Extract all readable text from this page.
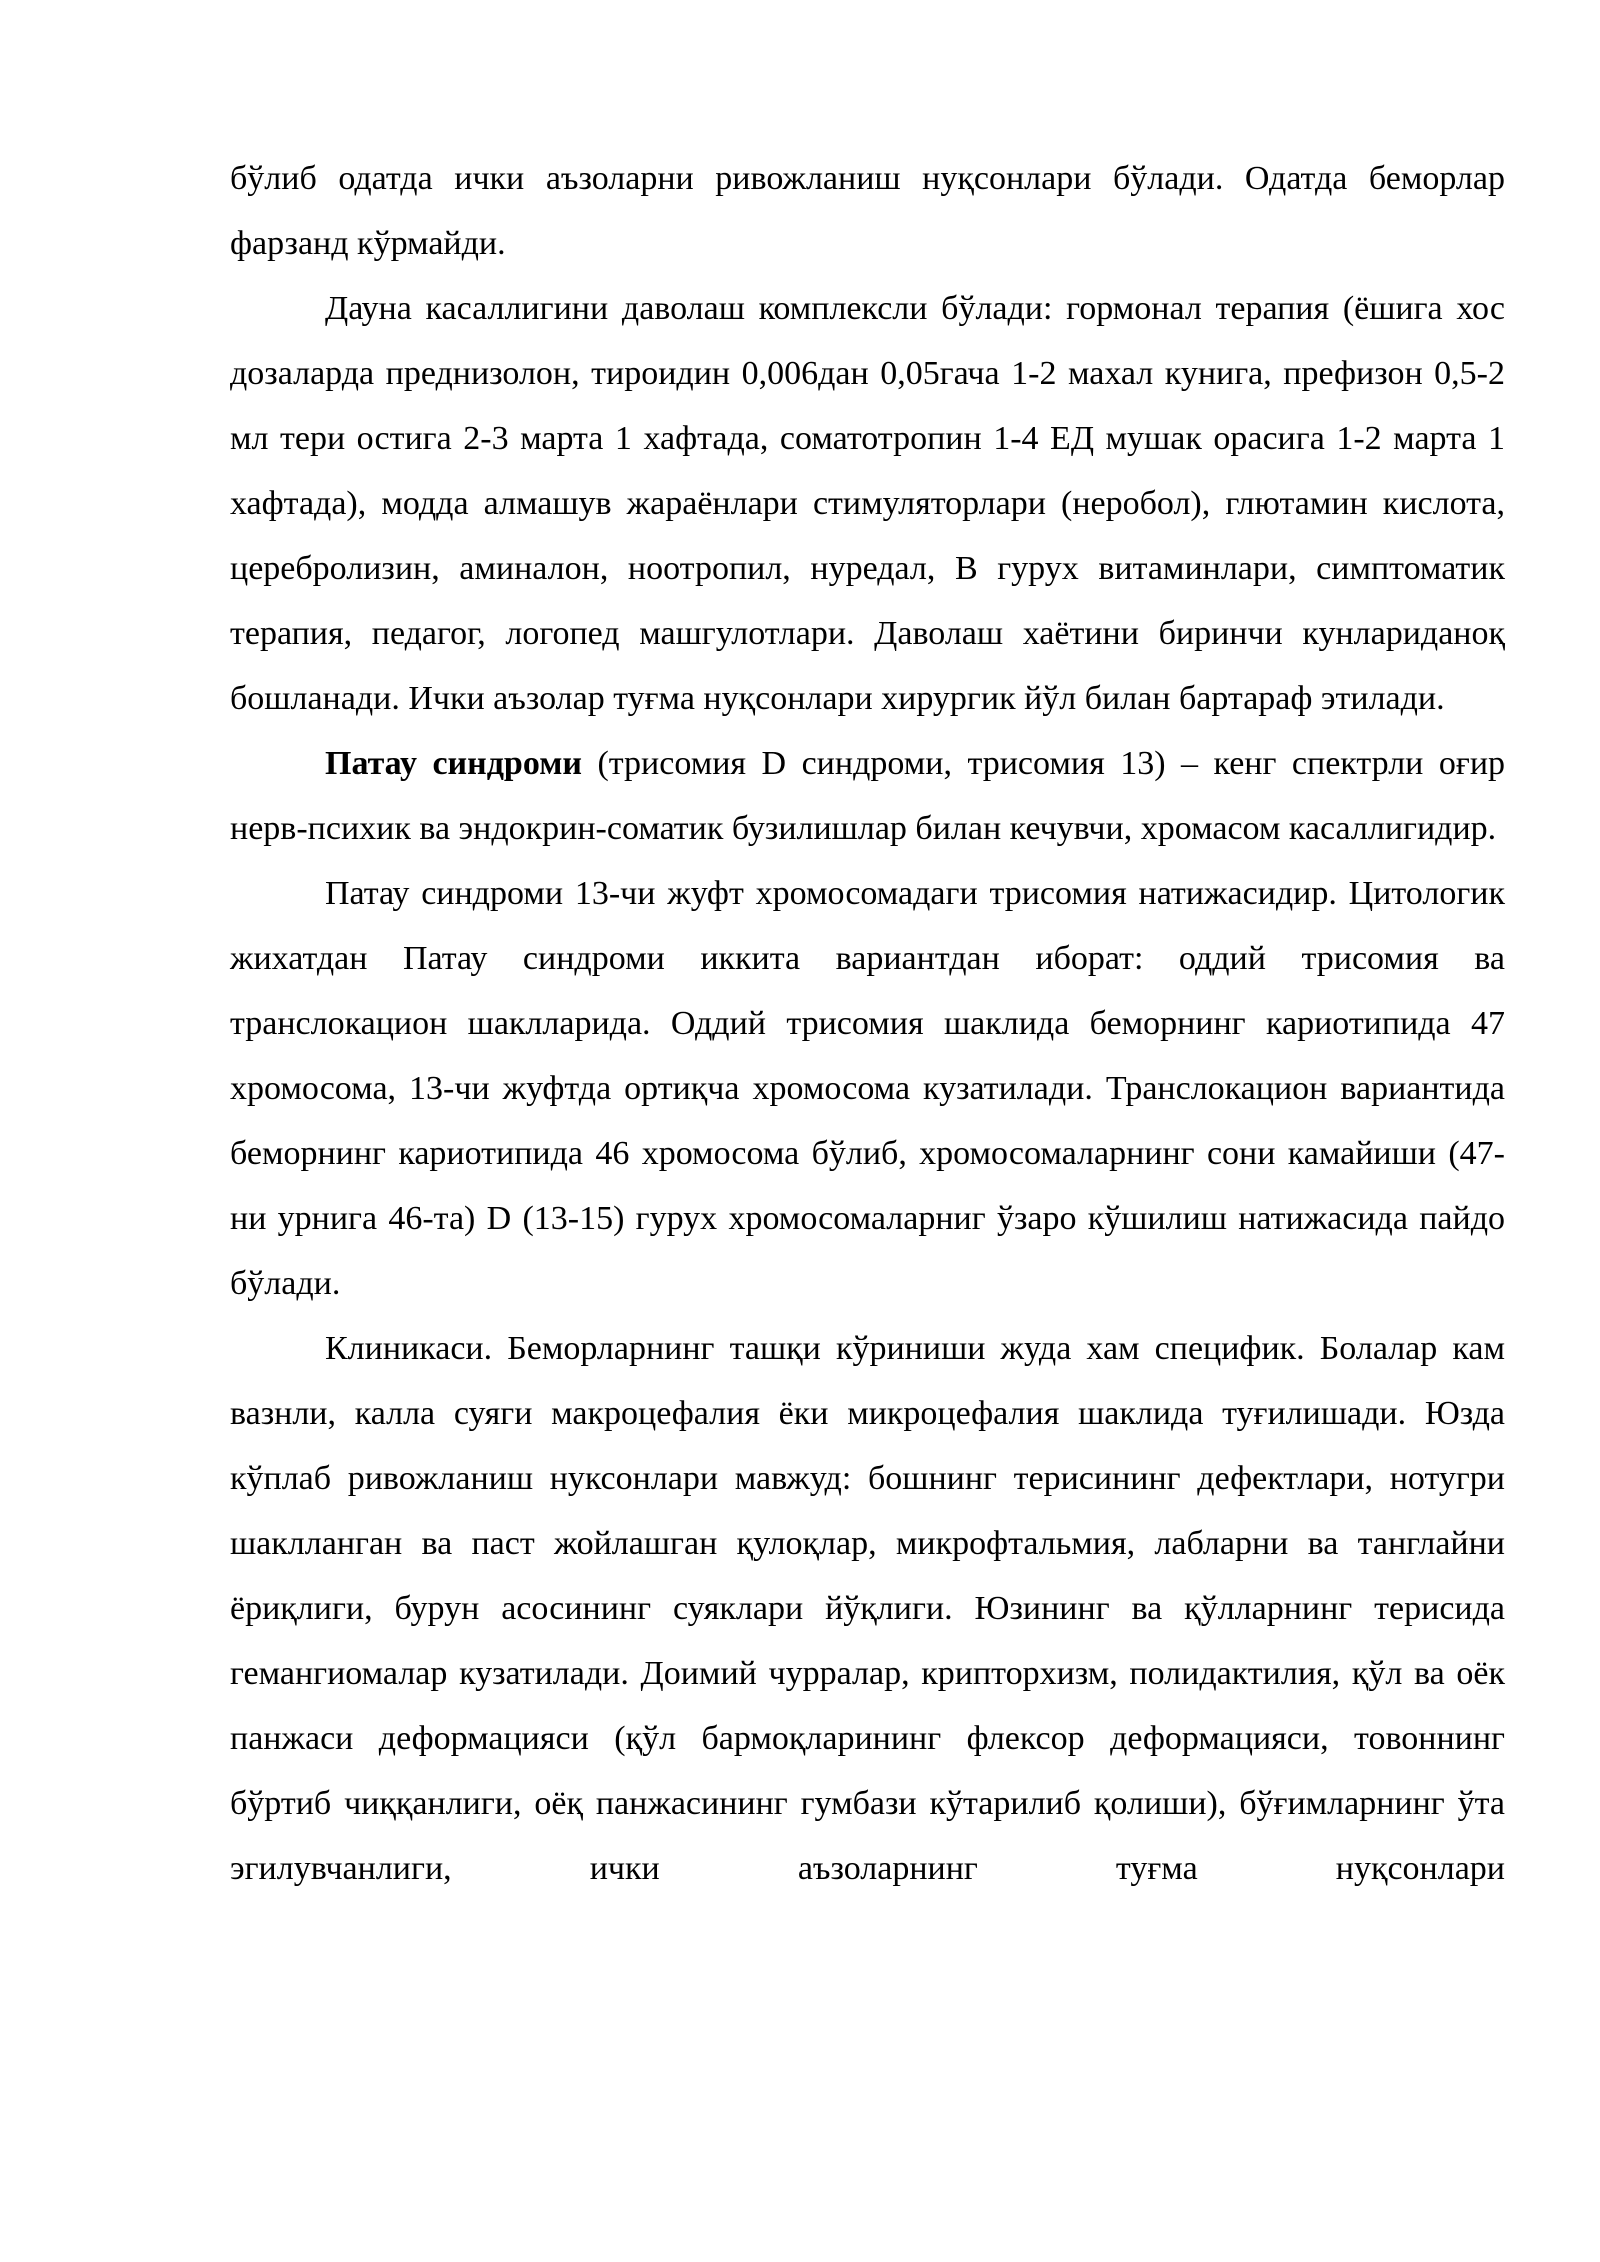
бўлиб одатда ички аъзоларни ривожланиш нуқсонлари бўлади. Одатда беморлар фарзанд кўрмайди.

Дауна касаллигини даволаш комплексли бўлади: гормонал терапия (ёшига хос дозаларда преднизолон, тироидин 0,006дан 0,05гача 1-2 махал кунига, префизон 0,5-2 мл тери остига 2-3 марта 1 хафтада, соматотропин 1-4 ЕД мушак орасига 1-2 марта 1 хафтада), модда алмашув жараёнлари стимуляторлари (неробол), глютамин кислота, церебролизин, аминалон, ноотропил, нуредал, В гурух витаминлари, симптоматик терапия, педагог, логопед машгулотлари. Даволаш хаётини биринчи кунлариданоқ бошланади. Ички аъзолар туғма нуқсонлари хирургик йўл билан бартараф этилади.

Патау синдроми (трисомия D синдроми, трисомия 13) – кенг спектрли оғир нерв-психик ва эндокрин-соматик бузилишлар билан кечувчи, хромасом касаллигидир.

Патау синдроми 13-чи жуфт хромосомадаги трисомия натижасидир. Цитологик жихатдан Патау синдроми иккита вариантдан иборат: оддий трисомия ва транслокацион шаклларида. Оддий трисомия шаклида беморнинг кариотипида 47 хромосома, 13-чи жуфтда ортиқча хромосома кузатилади. Транслокацион вариантида беморнинг кариотипида 46 хромосома бўлиб, хромосомаларнинг сони камайиши (47-ни урнига 46-та) D (13-15) гурух хромосомаларниг ўзаро кўшилиш натижасида пайдо бўлади.

Клиникаси. Беморларнинг ташқи кўриниши жуда хам специфик. Болалар кам вазнли, калла суяги макроцефалия ёки микроцефалия шаклида туғилишади. Юзда кўплаб ривожланиш нуксонлари мавжуд: бошнинг терисининг дефектлари, нотугри шаклланган ва паст жойлашган қулоқлар, микрофтальмия, лабларни ва танглайни ёриқлиги, бурун асосининг суяклари йўқлиги. Юзининг ва қўлларнинг терисида гемангиомалар кузатилади. Доимий чурралар, крипторхизм, полидактилия, қўл ва оёк панжаси деформацияси (қўл бармоқларининг флексор деформацияси, товоннинг бўртиб чиққанлиги, оёқ панжасининг гумбази кўтарилиб қолиши), бўғимларнинг ўта эгилувчанлиги, ички аъзоларнинг туғма нуқсонлари
